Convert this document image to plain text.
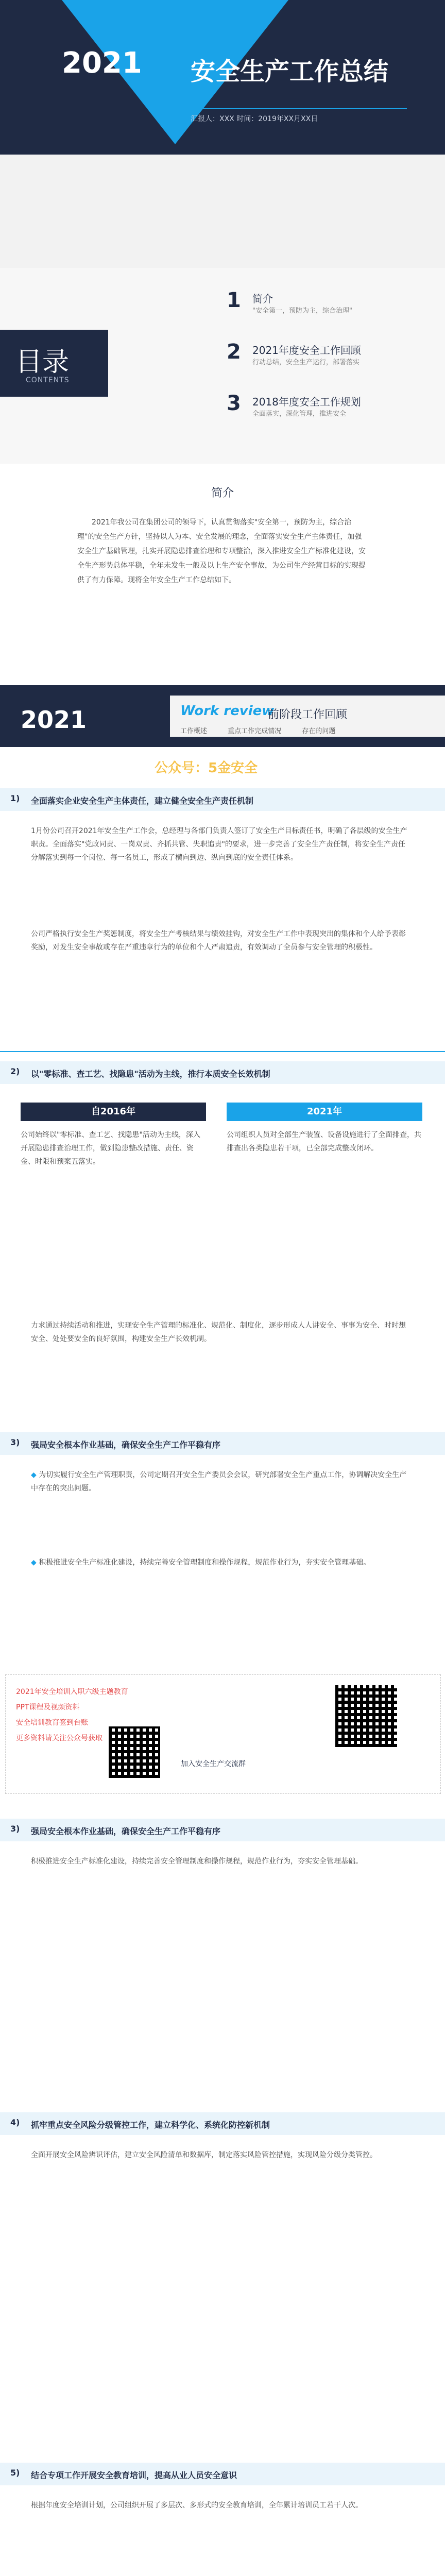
2021 安全生产工作总结
汇报人：XXX 时间：2019年XX月XX日
目录
CONTENTS
1 简介
"安全第一，预防为主，综合治理"
2 2021年度安全工作回顾
行动总结，安全生产运行，部署落实
3 2018年度安全工作规划
全面落实，深化管理，推进安全
简介
2021年我公司在集团公司的领导下，认真贯彻落实"安全第一，预防为主，综合治理"的安全生产方针，坚持以人为本、安全发展的理念，全面落实安全生产主体责任，加强安全生产基础管理，扎实开展隐患排查治理和专项整治，深入推进安全生产标准化建设，安全生产形势总体平稳，全年未发生一般及以上生产安全事故，为公司生产经营目标的实现提供了有力保障。现将全年安全生产工作总结如下。
2021	Work review
前阶段工作回顾
工作概述	重点工作完成情况	存在的问题
公众号：5金安全
1) 全面落实企业安全生产主体责任，建立健全安全生产责任机制
1月份公司召开2021年安全生产工作会，总经理与各部门负责人签订了安全生产目标责任书，明确了各层级的安全生产职责。全面落实"党政同责、一岗双责、齐抓共管、失职追责"的要求，进一步完善了安全生产责任制，将安全生产责任分解落实到每一个岗位、每一名员工，形成了横向到边、纵向到底的安全责任体系。
公司严格执行安全生产奖惩制度，将安全生产考核结果与绩效挂钩，对安全生产工作中表现突出的集体和个人给予表彰奖励，对发生安全事故或存在严重违章行为的单位和个人严肃追责，有效调动了全员参与安全管理的积极性。
2) 以"零标准、查工艺、找隐患"活动为主线，推行本质安全长效机制
自2016年	2021年
公司始终以"零标准、查工艺、找隐患"活动为主线，深入开展隐患排查治理工作，做到隐患整改措施、责任、资金、时限和预案五落实。
公司组织人员对全部生产装置、设备设施进行了全面排查，共排查出各类隐患若干项，已全部完成整改闭环。
力求通过持续活动和推进，实现安全生产管理的标准化、规范化、制度化，逐步形成人人讲安全、事事为安全、时时想安全、处处要安全的良好氛围，构建安全生产长效机制。
3) 强局安全根本作业基础，确保安全生产工作平稳有序
◆ 为切实履行安全生产管理职责，公司定期召开安全生产委员会会议，研究部署安全生产重点工作，协调解决安全生产中存在的突出问题。
◆ 积极推进安全生产标准化建设，持续完善安全管理制度和操作规程，规范作业行为，夯实安全管理基础。
2021年安全培训入职六级主题教育
PPT课程及视频资料
安全培训教育签到台账
更多资料请关注公众号获取
加入安全生产交流群
3) 强局安全根本作业基础，确保安全生产工作平稳有序
积极推进安全生产标准化建设，持续完善安全管理制度和操作规程，规范作业行为，夯实安全管理基础。
4) 抓牢重点安全风险分级管控工作，建立科学化、系统化防控新机制
全面开展安全风险辨识评估，建立安全风险清单和数据库，制定落实风险管控措施，实现风险分级分类管控。
5) 结合专项工作开展安全教育培训，提高从业人员安全意识
根据年度安全培训计划，公司组织开展了多层次、多形式的安全教育培训，全年累计培训员工若干人次。
